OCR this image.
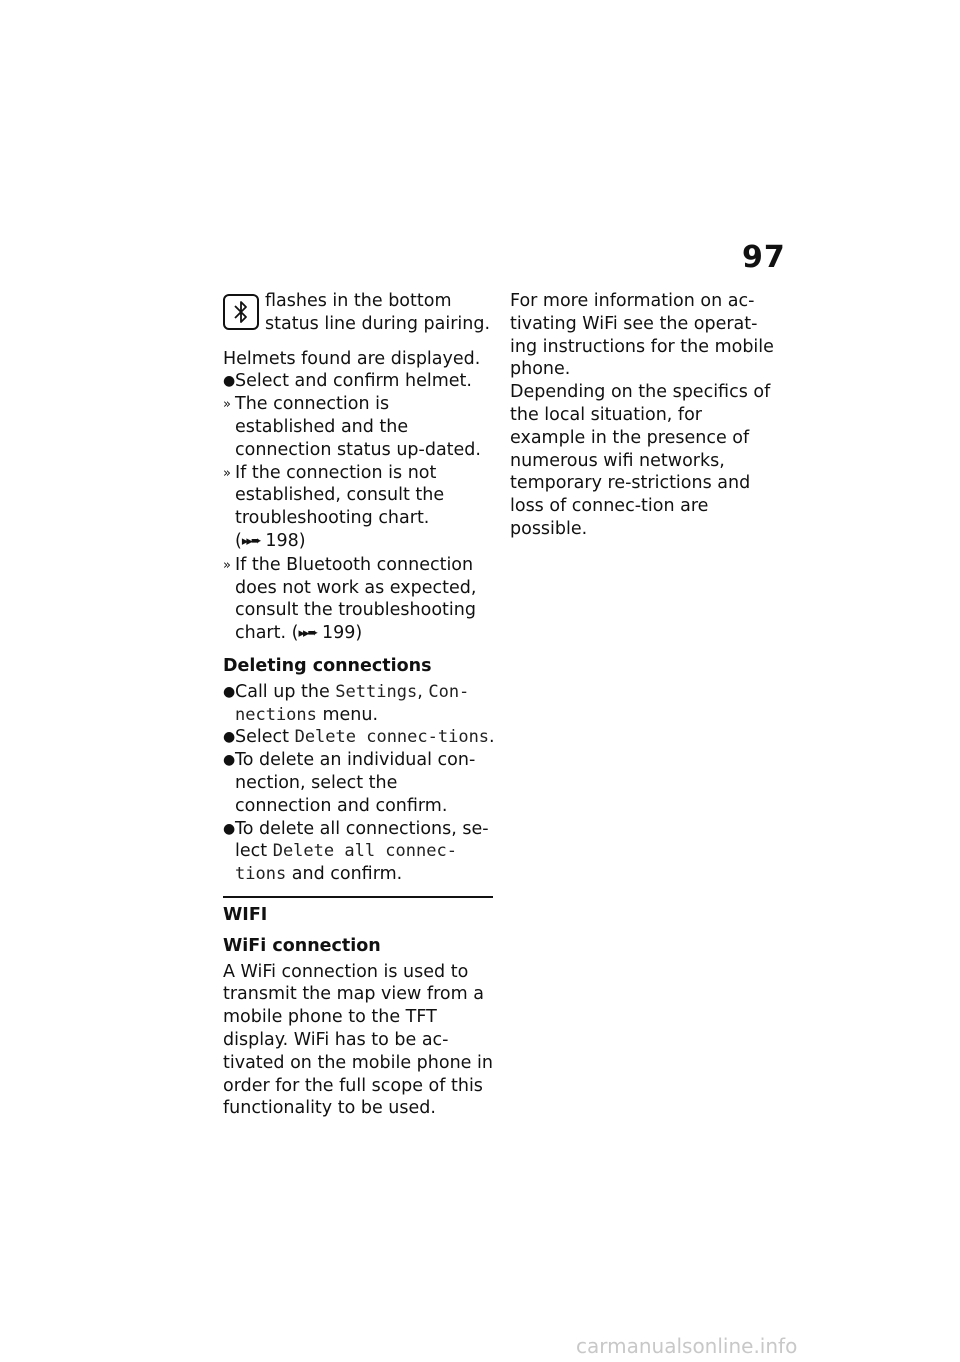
97

flashes in the bottom status line during pairing.

Helmets found are displayed.

● Select and confirm helmet.
» The connection is established and the connection status up-dated.
» If the connection is not established, consult the troubleshooting chart.
(▸▸➨ 198)
» If the Bluetooth connection does not work as expected, consult the troubleshooting chart. (▸▸➨ 199)

Deleting connections

● Call up the Settings, Con-nections menu.
● Select Delete connec-tions.
● To delete an individual con-nection, select the connection and confirm.
● To delete all connections, se-lect Delete all connec-tions and confirm.

WIFI

WiFi connection

A WiFi connection is used to transmit the map view from a mobile phone to the TFT display. WiFi has to be ac-tivated on the mobile phone in order for the full scope of this functionality to be used.

For more information on ac-tivating WiFi see the operat-ing instructions for the mobile phone.

Depending on the specifics of the local situation, for example in the presence of numerous wifi networks, temporary re-strictions and loss of connec-tion are possible.

carmanualsonline.info
